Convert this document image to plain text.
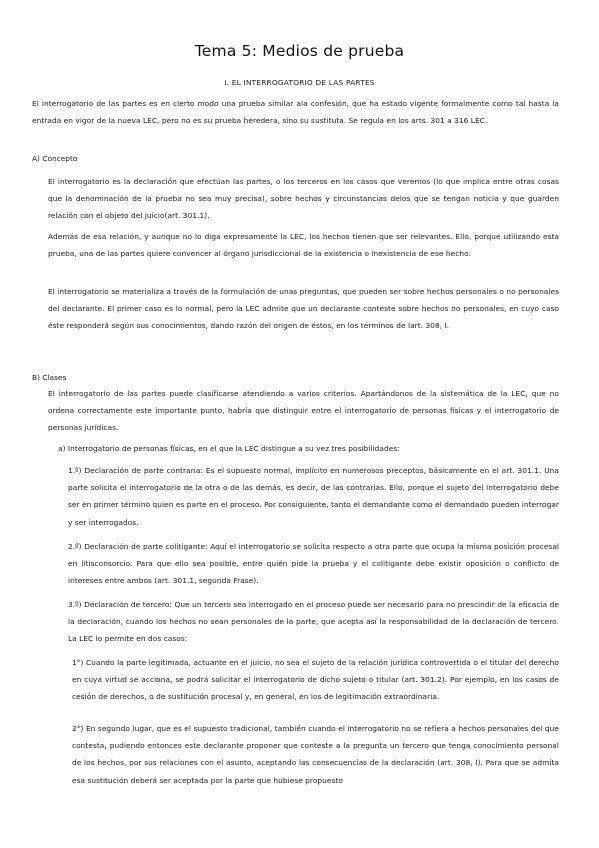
Tema 5: Medios de prueba
I. EL INTERROGATORIO DE LAS PARTES

El interrogatorio de las partes es en cierto modo una prueba similar ala confesión, que ha estado vigente formalmente como tal hasta la entrada en vigor de la nueva LEC, pero no es su prueba heredera, sino su sustituta. Se regula en los arts. 301 a 316 LEC.

A) Concepto

El interrogatorio es la declaración que efectúan las partes, o los terceros en los casos que veremos (lo que implica entre otras cosas que la denominación de la prueba no sea muy precisa), sobre hechos y circunstancias delos que se tengan noticia y que guarden relación con el objeto del juicio(art. 301.1).

Además de esa relación, y aunque no lo diga expresamente la LEC, los hechos tienen que ser relevantes. Ello, porque utilizando esta prueba, una de las partes quiere convencer al órgano jurisdiccional de la existencia o inexistencia de ese hecho.

El interrogatorio se materializa a través de la formulación de unas preguntas, que pueden ser sobre hechos personales o no personales del declarante. El primer caso es lo normal, pero la LEC admite que un declarante conteste sobre hechos no personales, en cuyo caso éste responderá según sus conocimientos, dando razón del origen de éstos, en los términos de lart. 308, I.

B) Clases

El interrogatorio de las partes puede clasificarse atendiendo a varios criterios. Apartándonos de la sistemática de la LEC, que no ordena correctamente este importante punto, habría que distinguir entre el interrogatorio de personas físicas y el interrogatorio de personas jurídicas.

a) Interrogatorio de personas físicas, en el que la LEC distingue a su vez tres posibilidades:

1.º) Declaración de parte contraria: Es el supuesto normal, implícito en numerosos preceptos, básicamente en el art. 301.1. Una parte solicita el interrogatorio de la otra o de las demás, es decir, de las contrarias. Ello, porque el sujeto del interrogatorio debe ser en primer término quien es parte en el proceso. Por consiguiente, tanto el demandante como el demandado pueden interrogar y ser interrogados.

2.º) Declaración de parte colitigante: Aquí el interrogatorio se solicita respecto a otra parte que ocupa la misma posición procesal en litisconsorcio. Para que ello sea posible, entre quién pide la prueba y el colitigante debe existir oposición o conflicto de intereses entre ambos (art. 301.1, segunda Frase).

3.º) Declaración de tercero: Que un tercero sea interrogado en el proceso puede ser necesario para no prescindir de la eficacia de la declaración, cuando los hechos no sean personales de la parte, que acepta así la responsabilidad de la declaración de tercero. La LEC lo permite en dos casos:

1°) Cuando la parte legitimada, actuante en el juicio, no sea el sujeto de la relación jurídica controvertida o el titular del derecho en cuya virtud se acciona, se podrá solicitar el interrogatorio de dicho sujeto o titular (art. 301.2). Por ejemplo, en los casos de cesión de derechos, o de sustitución procesal y, en general, en los de legitimación extraordinaria.

2°) En segundo lugar, que es el supuesto tradicional, también cuando el interrogatorio no se refiera a hechos personales del que contesta, pudiendo entonces este declarante proponer que conteste a la pregunta un tercero que tenga conocimiento personal de los hechos, por sus relaciones con el asunto, aceptando las consecuencias de la declaración (art. 308, I). Para que se admita esa sustitución deberá ser aceptada por la parte que hubiese propuesto
